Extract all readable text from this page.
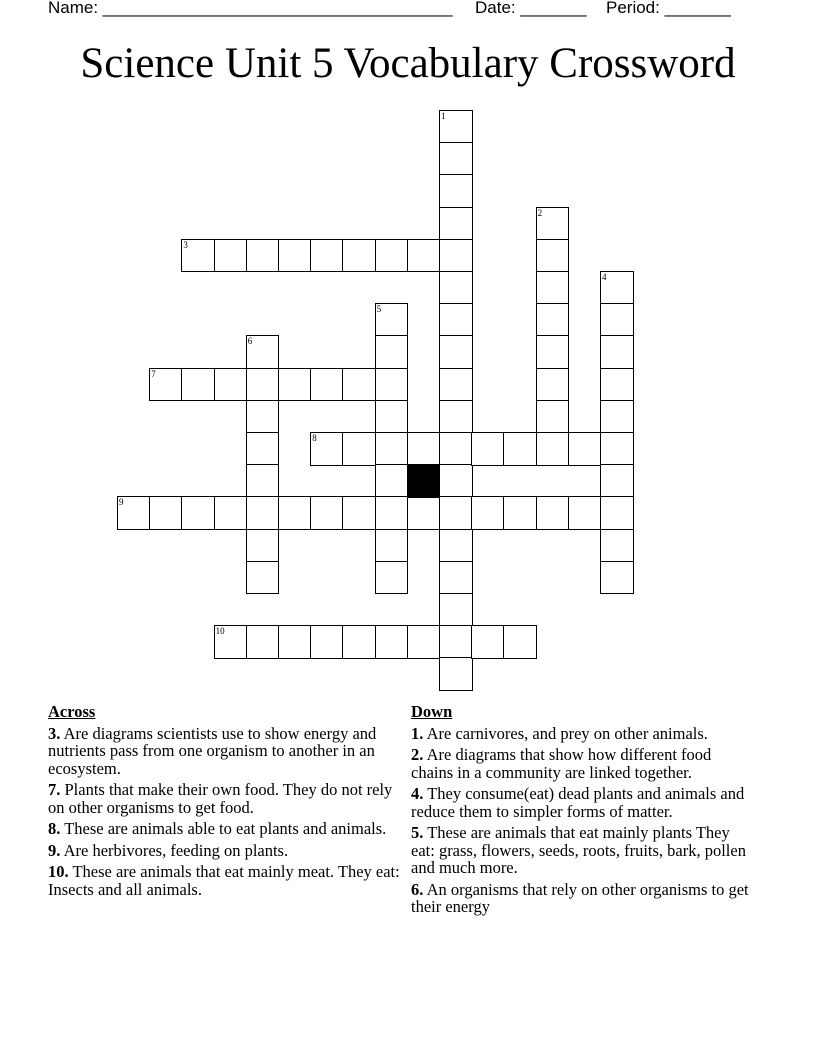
Name: _____________________________________

Date: _______

Period: _______

Science Unit 5 Vocabulary Crossword
1
2
3
4
5
6
7
8
9
10
Across
3. Are diagrams scientists use to show energy and nutrients pass from one organism to another in an ecosystem.
7. Plants that make their own food. They do not rely on other organisms to get food.
8. These are animals able to eat plants and animals.
9. Are herbivores, feeding on plants.
10. These are animals that eat mainly meat. They eat: Insects and all animals.
Down
1. Are carnivores, and prey on other animals.
2. Are diagrams that show how different food chains in a community are linked together.
4. They consume(eat) dead plants and animals and reduce them to simpler forms of matter.
5. These are animals that eat mainly plants They eat: grass, flowers, seeds, roots, fruits, bark, pollen and much more.
6. An organisms that rely on other organisms to get their energy
